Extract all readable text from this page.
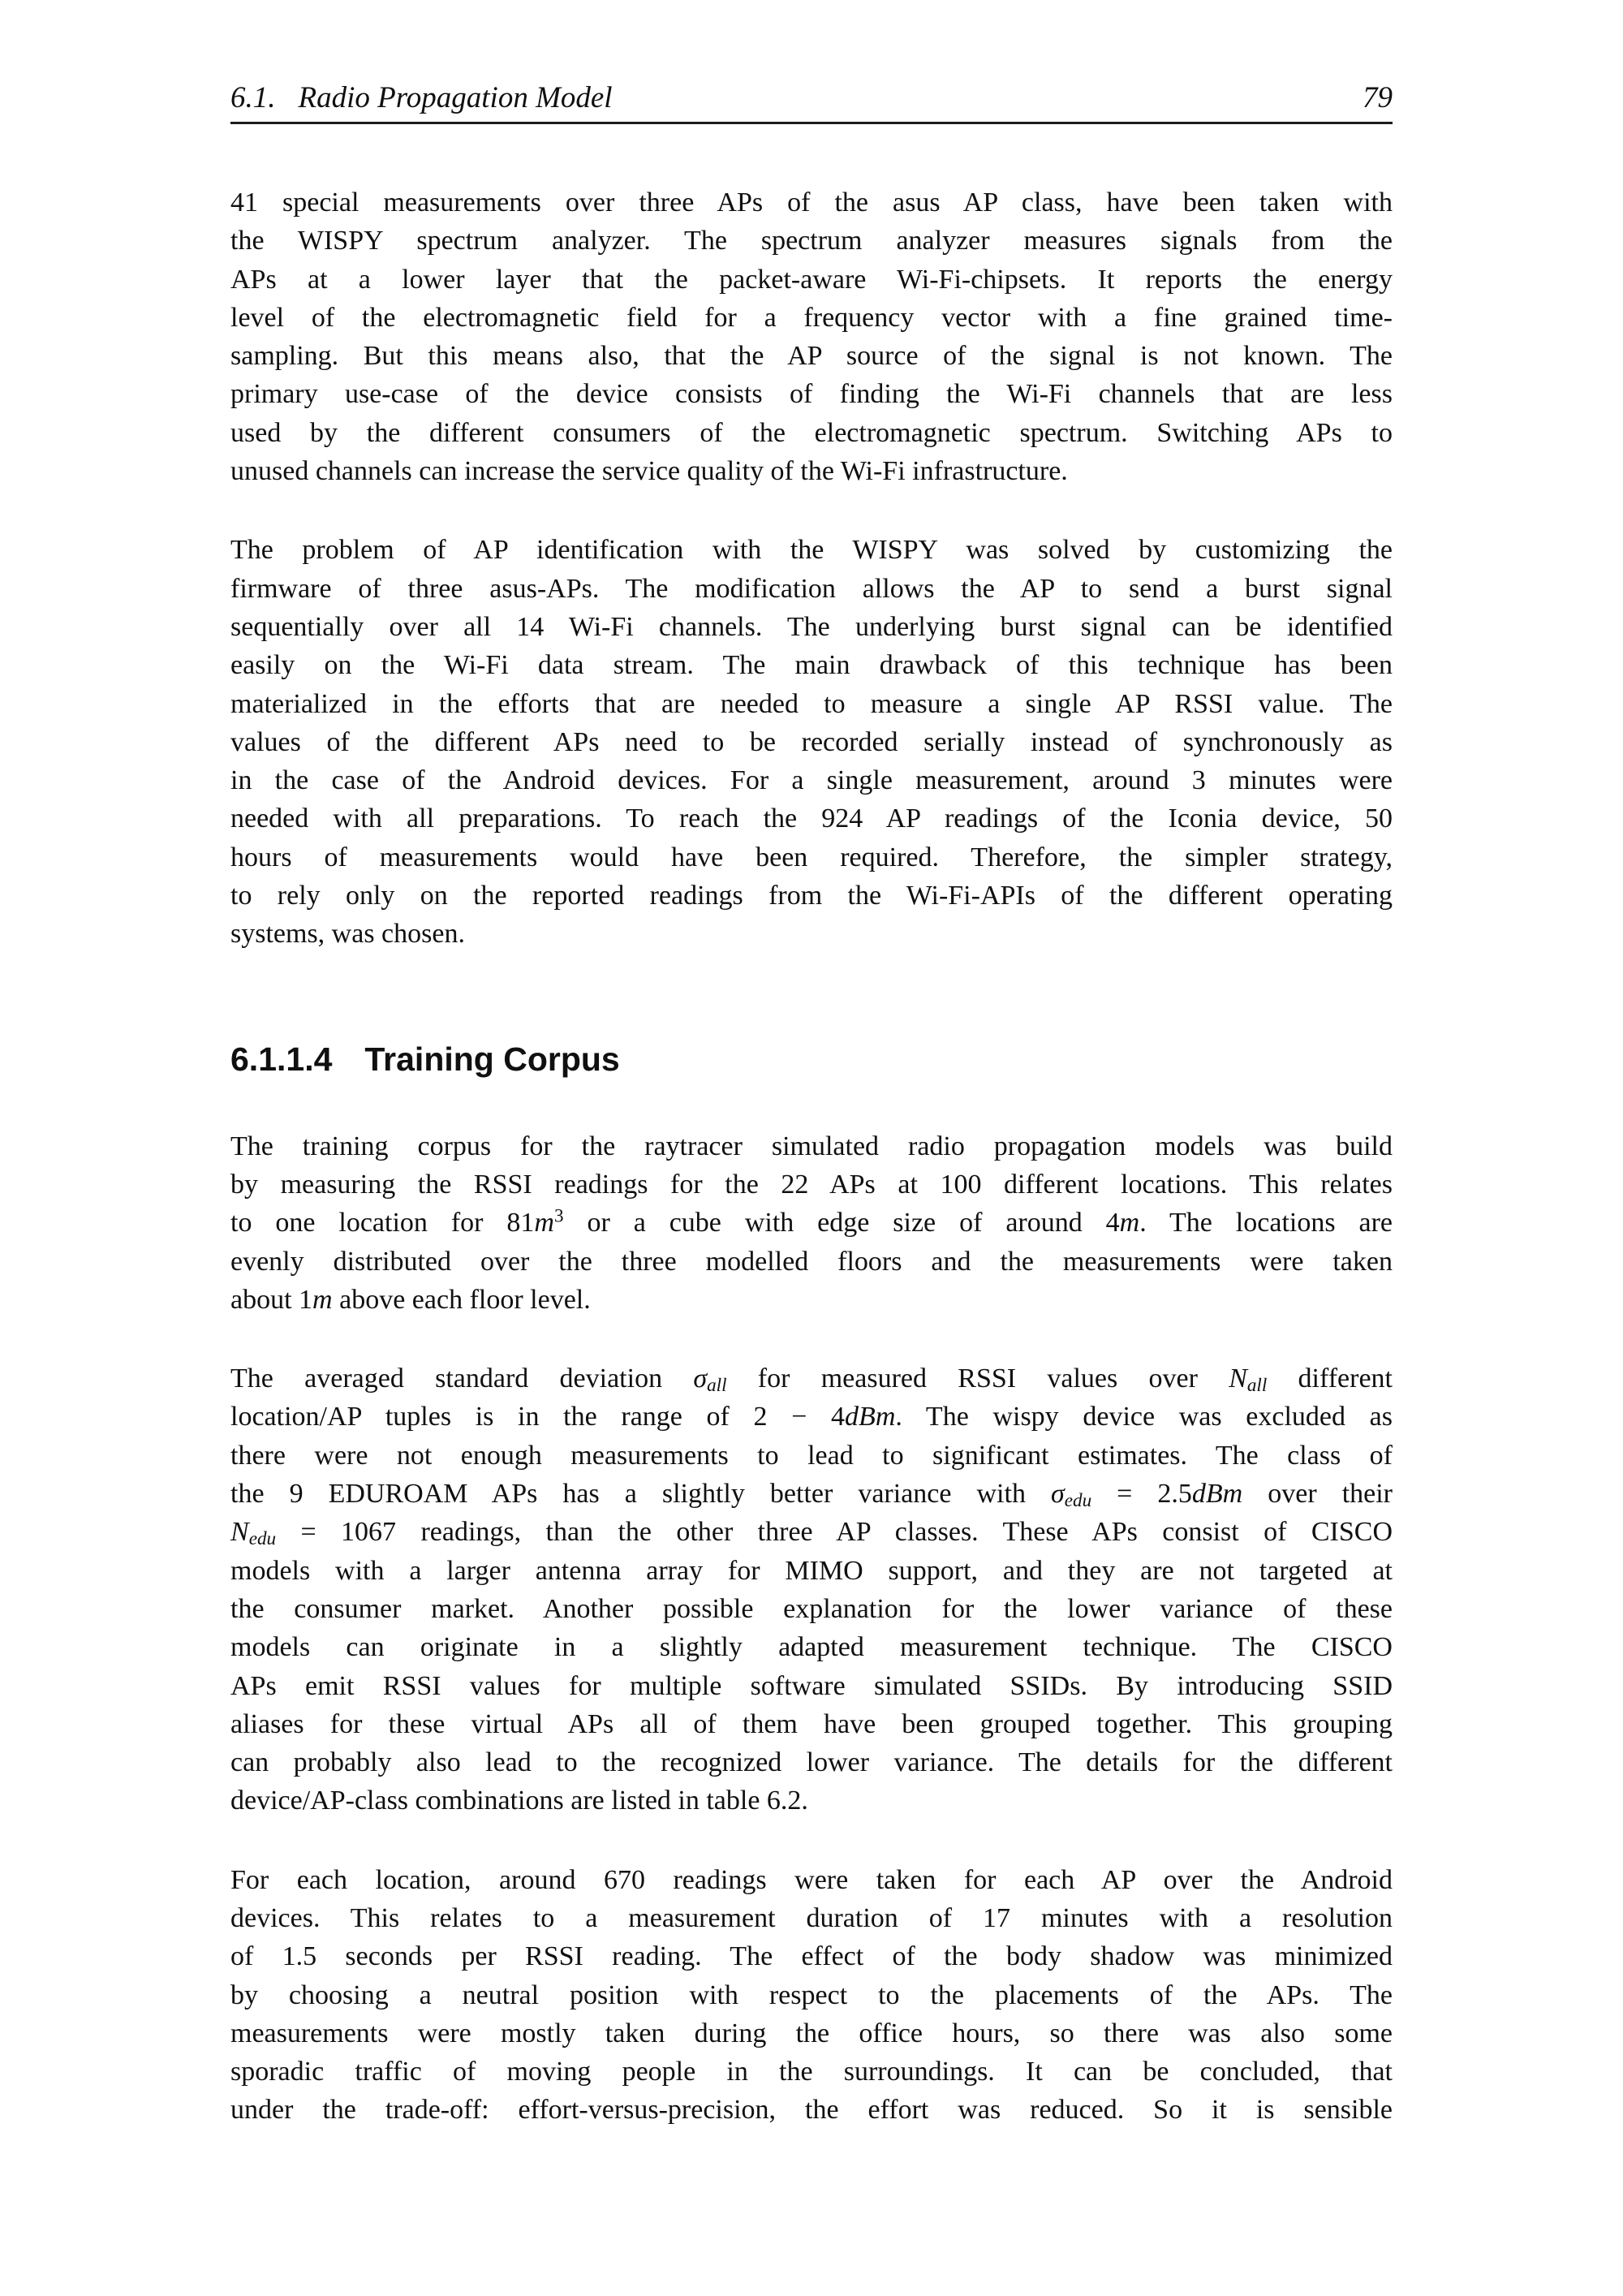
6.1. Radio Propagation Model	79
41 special measurements over three APs of the asus AP class, have been taken with
the WISPY spectrum analyzer. The spectrum analyzer measures signals from the
APs at a lower layer that the packet-aware Wi-Fi-chipsets. It reports the energy
level of the electromagnetic field for a frequency vector with a fine grained time-
sampling. But this means also, that the AP source of the signal is not known. The
primary use-case of the device consists of finding the Wi-Fi channels that are less
used by the different consumers of the electromagnetic spectrum. Switching APs to
unused channels can increase the service quality of the Wi-Fi infrastructure.
The problem of AP identification with the WISPY was solved by customizing the
firmware of three asus-APs. The modification allows the AP to send a burst signal
sequentially over all 14 Wi-Fi channels. The underlying burst signal can be identified
easily on the Wi-Fi data stream. The main drawback of this technique has been
materialized in the efforts that are needed to measure a single AP RSSI value. The
values of the different APs need to be recorded serially instead of synchronously as
in the case of the Android devices. For a single measurement, around 3 minutes were
needed with all preparations. To reach the 924 AP readings of the Iconia device, 50
hours of measurements would have been required. Therefore, the simpler strategy,
to rely only on the reported readings from the Wi-Fi-APIs of the different operating
systems, was chosen.
6.1.1.4 Training Corpus
The training corpus for the raytracer simulated radio propagation models was build
by measuring the RSSI readings for the 22 APs at 100 different locations. This relates
to one location for $81m^3$ or a cube with edge size of around 4m. The locations are
evenly distributed over the three modelled floors and the measurements were taken
about 1m above each floor level.
The averaged standard deviation $\sigma_{all}$ for measured RSSI values over $N_{all}$ different
location/AP tuples is in the range of 2 − 4dBm. The wispy device was excluded as
there were not enough measurements to lead to significant estimates. The class of
the 9 EDUROAM APs has a slightly better variance with $\sigma_{edu} = 2.5dBm$ over their
$N_{edu} = 1067$ readings, than the other three AP classes. These APs consist of CISCO
models with a larger antenna array for MIMO support, and they are not targeted at
the consumer market. Another possible explanation for the lower variance of these
models can originate in a slightly adapted measurement technique. The CISCO
APs emit RSSI values for multiple software simulated SSIDs. By introducing SSID
aliases for these virtual APs all of them have been grouped together. This grouping
can probably also lead to the recognized lower variance. The details for the different
device/AP-class combinations are listed in table 6.2.
For each location, around 670 readings were taken for each AP over the Android
devices. This relates to a measurement duration of 17 minutes with a resolution
of 1.5 seconds per RSSI reading. The effect of the body shadow was minimized
by choosing a neutral position with respect to the placements of the APs. The
measurements were mostly taken during the office hours, so there was also some
sporadic traffic of moving people in the surroundings. It can be concluded, that
under the trade-off: effort-versus-precision, the effort was reduced. So it is sensible
